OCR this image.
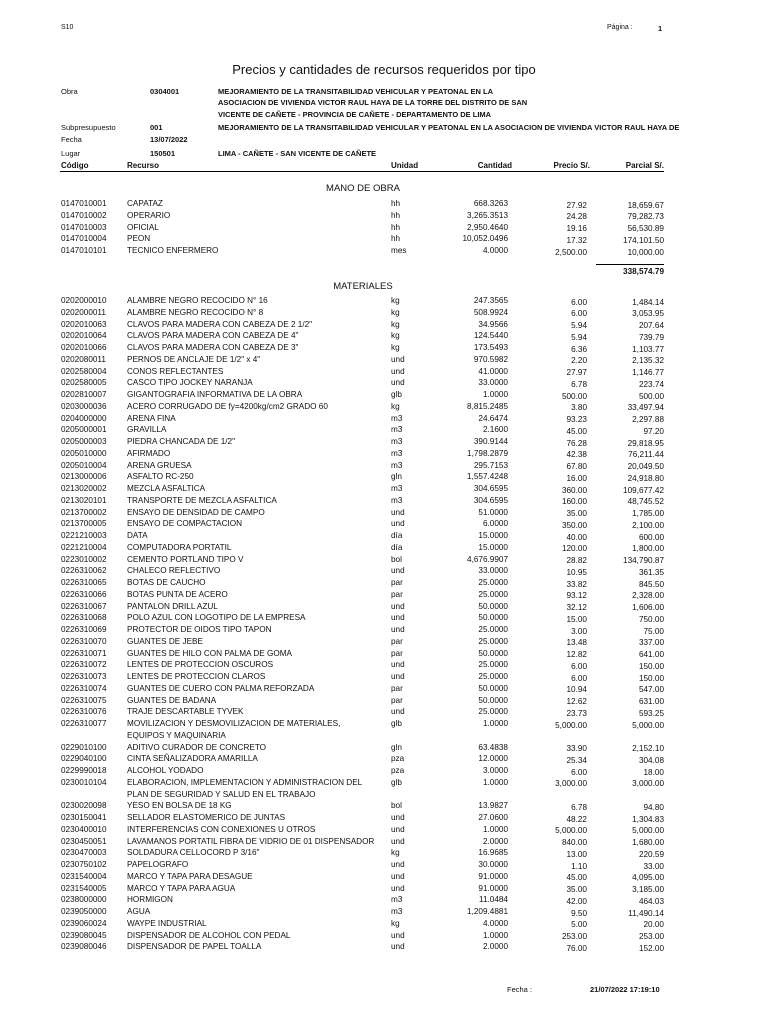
S10	Página :	1
Precios y cantidades de recursos requeridos por tipo
Obra	0304001	MEJORAMIENTO DE LA TRANSITABILIDAD VEHICULAR Y PEATONAL EN LA
ASOCIACION DE VIVIENDA VICTOR RAUL HAYA DE LA TORRE DEL DISTRITO DE SAN
VICENTE DE CAÑETE - PROVINCIA DE CAÑETE - DEPARTAMENTO DE LIMA
Subpresupuesto	001	MEJORAMIENTO DE LA TRANSITABILIDAD VEHICULAR Y PEATONAL EN LA ASOCIACION DE VIVIENDA VICTOR RAUL HAYA DE
Fecha	13/07/2022
Lugar	150501	LIMA - CAÑETE - SAN VICENTE DE CAÑETE
Código	Recurso	Unidad	Cantidad	Precio S/.	Parcial S/.
MANO DE OBRA
0147010001 CAPATAZ	hh	668.3263	27.92	18,659.67
0147010002 OPERARIO	hh	3,265.3513	24.28	79,282.73
0147010003 OFICIAL	hh	2,950.4640	19.16	56,530.89
0147010004 PEON	hh	10,052.0496	17.32	174,101.50
0147010101 TECNICO ENFERMERO	mes	4.0000	2,500.00	10,000.00
338,574.79
MATERIALES
0202000010 ALAMBRE NEGRO RECOCIDO N° 16	kg	247.3565	6.00	1,484.14
0202000011	ALAMBRE NEGRO RECOCIDO N° 8	kg	508.9924	6.00	3,053.95
0202010063 CLAVOS PARA MADERA CON CABEZA DE 2 1/2"	kg	34.9566	5.94	207.64
0202010064 CLAVOS PARA MADERA CON CABEZA DE 4"	kg	124.5440	5.94	739.79
0202010066 CLAVOS PARA MADERA CON CABEZA DE 3"	kg	173.5493	6.36	1,103.77
0202080011	PERNOS DE ANCLAJE DE 1/2" x 4"	und	970.5982	2.20	2,135.32
0202580004 CONOS REFLECTANTES	und	41.0000	27.97	1,146.77
0202580005 CASCO TIPO JOCKEY NARANJA	und	33.0000	6.78	223.74
0202810007 GIGANTOGRAFIA INFORMATIVA DE LA OBRA	glb	1.0000	500.00	500.00
0203000036 ACERO CORRUGADO DE fy=4200kg/cm2 GRADO 60	kg	8,815.2485	3.80	33,497.94
0204000000 ARENA FINA	m3	24.6474	93.23	2,297.88
0205000001 GRAVILLA	m3	2.1600	45.00	97.20
0205000003 PIEDRA CHANCADA DE 1/2"	m3	390.9144	76.28	29,818.95
0205010000 AFIRMADO	m3	1,798.2879	42.38	76,211.44
0205010004 ARENA GRUESA	m3	295.7153	67.80	20,049.50
0213000006 ASFALTO RC-250	gln	1,557.4248	16.00	24,918.80
0213020002 MEZCLA ASFALTICA	m3	304.6595	360.00	109,677.42
0213020101 TRANSPORTE DE MEZCLA ASFALTICA	m3	304.6595	160.00	48,745.52
0213700002 ENSAYO DE DENSIDAD DE CAMPO	und	51.0000	35.00	1,785.00
0213700005 ENSAYO DE COMPACTACION	und	6.0000	350.00	2,100.00
0221210003 DATA	día	15.0000	40.00	600.00
0221210004 COMPUTADORA PORTATIL	día	15.0000	120.00	1,800.00
0223010002 CEMENTO PORTLAND TIPO V	bol	4,676.9907	28.82	134,790.87
0226310062 CHALECO REFLECTIVO	und	33.0000	10.95	361.35
0226310065 BOTAS DE CAUCHO	par	25.0000	33.82	845.50
0226310066 BOTAS PUNTA DE ACERO	par	25.0000	93.12	2,328.00
0226310067 PANTALON DRILL AZUL	und	50.0000	32.12	1,606.00
0226310068 POLO AZUL CON LOGOTIPO DE LA EMPRESA	und	50.0000	15.00	750.00
0226310069 PROTECTOR DE OIDOS TIPO TAPON	und	25.0000	3.00	75.00
0226310070 GUANTES DE JEBE	par	25.0000	13.48	337.00
0226310071 GUANTES DE HILO CON PALMA DE GOMA	par	50.0000	12.82	641.00
0226310072 LENTES DE PROTECCION OSCUROS	und	25.0000	6.00	150.00
0226310073 LENTES DE PROTECCION CLAROS	und	25.0000	6.00	150.00
0226310074 GUANTES DE CUERO CON PALMA REFORZADA	par	50.0000	10.94	547.00
0226310075 GUANTES DE BADANA	par	50.0000	12.62	631.00
0226310076 TRAJE DESCARTABLE TYVEK	und	25.0000	23.73	593.25
0226310077 MOVILIZACION Y DESMOVILIZACION DE MATERIALES,
EQUIPOS Y MAQUINARIA
glb	1.0000	5,000.00	5,000.00
0229010100 ADITIVO CURADOR DE CONCRETO	gln	63.4838	33.90	2,152.10
0229040100 CINTA SEÑALIZADORA AMARILLA	pza	12.0000	25.34	304.08
0229990018 ALCOHOL YODADO	pza	3.0000	6.00	18.00
0230010104 ELABORACION, IMPLEMENTACION Y ADMINISTRACION DEL
PLAN DE SEGURIDAD Y SALUD EN EL TRABAJO
glb	1.0000	3,000.00	3,000.00
0230020098 YESO EN BOLSA DE 18 KG	bol	13.9827	6.78	94.80
0230150041 SELLADOR ELASTOMERICO DE JUNTAS	und	27.0600	48.22	1,304.83
0230400010 INTERFERENCIAS CON CONEXIONES U OTROS	und	1.0000	5,000.00	5,000.00
0230450051 LAVAMANOS PORTATIL FIBRA DE VIDRIO DE 01 DISPENSADOR und	2.0000	840.00	1,680.00
0230470003 SOLDADURA CELLOCORD P 3/16"	kg	16.9685	13.00	220.59
0230750102 PAPELOGRAFO	und	30.0000	1.10	33.00
0231540004 MARCO Y TAPA PARA DESAGUE	und	91.0000	45.00	4,095.00
0231540005 MARCO Y TAPA PARA AGUA	und	91.0000	35.00	3,185.00
0238000000 HORMIGON	m3	11.0484	42.00	464.03
0239050000 AGUA	m3	1,209.4881	9.50	11,490.14
0239060024 WAYPE INDUSTRIAL	kg	4.0000	5.00	20.00
0239080045 DISPENSADOR DE ALCOHOL CON PEDAL	und	1.0000	253.00	253.00
0239080046 DISPENSADOR DE PAPEL TOALLA	und	2.0000	76.00	152.00
Fecha :	21/07/2022 17:19:10
